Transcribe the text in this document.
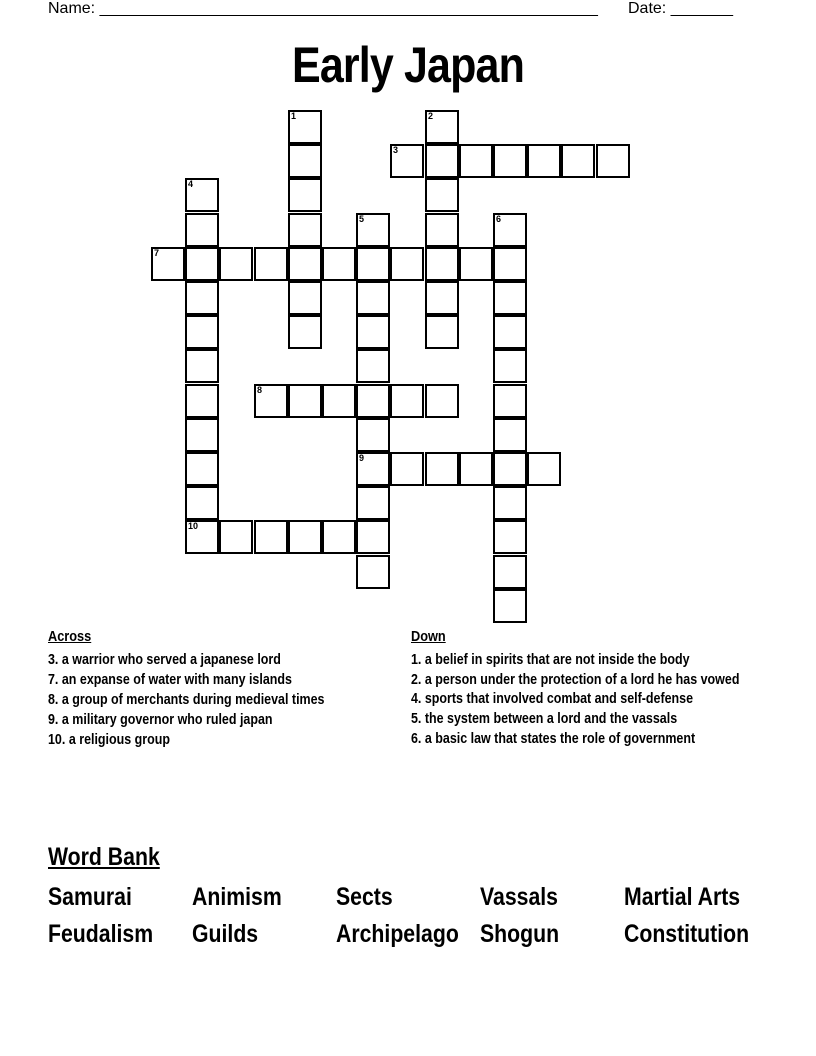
Name: ________________________________________________________ Date: _______
Early Japan
1	2
3
4
10
5
9
6
7
8
Across	Down
3. a warrior who served a japanese lord
7. an expanse of water with many islands
8. a group of merchants during medieval times
9. a military governor who ruled japan
10. a religious group
1. a belief in spirits that are not inside the body
2. a person under the protection of a lord he has vowed
4. sports that involved combat and self-defense
5. the system between a lord and the vassals
6. a basic law that states the role of government
Word Bank
Samurai Animism Sects	Vassals	Martial Arts
Feudalism Guilds	Archipelago Shogun	Constitution
